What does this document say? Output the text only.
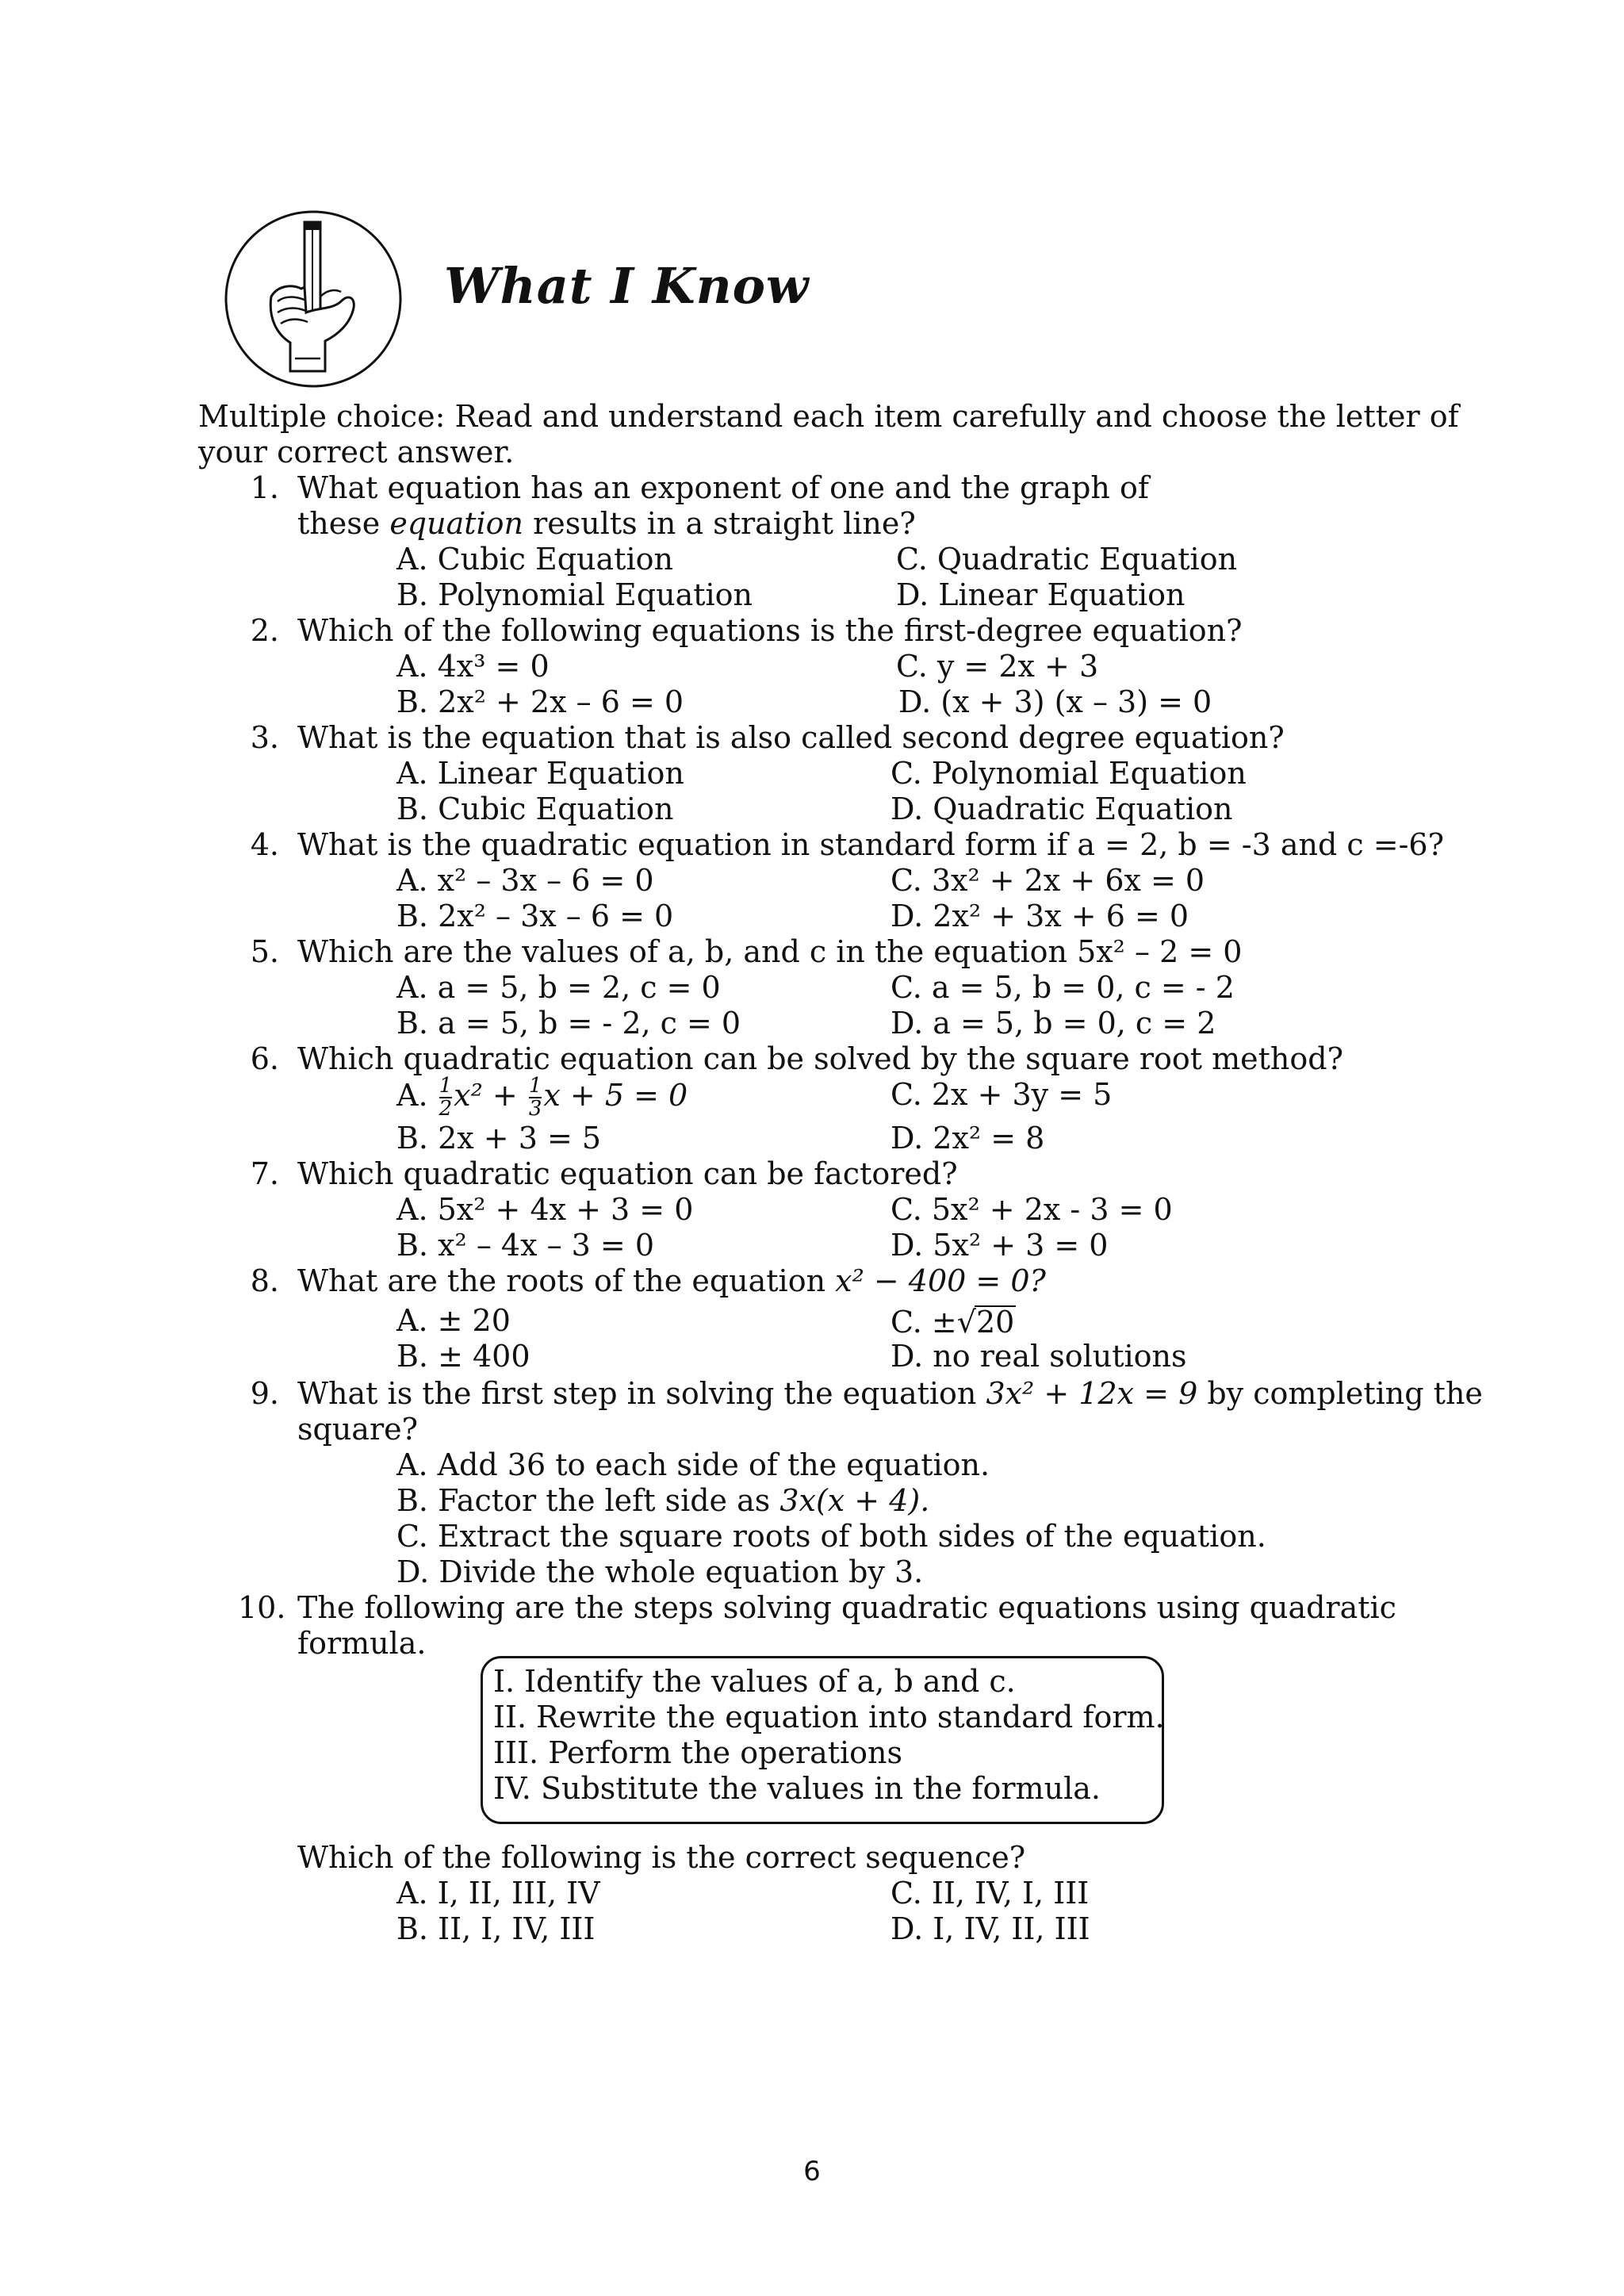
What I Know
Multiple choice: Read and understand each item carefully and choose the letter of
your correct answer.
1. What equation has an exponent of one and the graph of
these equation results in a straight line?
A. Cubic Equation	C. Quadratic Equation
B. Polynomial Equation	D. Linear Equation
2. Which of the following equations is the first-degree equation?
A. 4x³ = 0	C. y = 2x + 3
B. 2x² + 2x – 6 = 0	D. (x + 3) (x – 3) = 0
3. What is the equation that is also called second degree equation?
A. Linear Equation	C. Polynomial Equation
B. Cubic Equation	D. Quadratic Equation
4. What is the quadratic equation in standard form if a = 2, b = -3 and c =-6?
A. x² – 3x – 6 = 0	C. 3x² + 2x + 6x = 0
B. 2x² – 3x – 6 = 0	D. 2x² + 3x + 6 = 0
5. Which are the values of a, b, and c in the equation 5x² – 2 = 0
A. a = 5, b = 2, c = 0	C. a = 5, b = 0, c = - 2
B. a = 5, b = - 2, c = 0	D. a = 5, b = 0, c = 2
6. Which quadratic equation can be solved by the square root method?
A. $\frac{1}{2} x^2 + \frac{1}{3}$ x + 5 = 0	C. 2x + 3y = 5
B. 2x + 3 = 5	D. 2x² = 8
7. Which quadratic equation can be factored?
A. 5x² + 4x + 3 = 0	C. 5x² + 2x - 3 = 0
B. x² – 4x – 3 = 0	D. 5x² + 3 = 0
8. What are the roots of the equation x² − 400 = 0?
A. ± 20	C. ±√20
B. ± 400	D. no real solutions
9. What is the first step in solving the equation 3x² + 12x = 9 by completing the
square?
A. Add 36 to each side of the equation.
B. Factor the left side as 3x(x + 4).
C. Extract the square roots of both sides of the equation.
D. Divide the whole equation by 3.
10. The following are the steps solving quadratic equations using quadratic
formula.
I. Identify the values of a, b and c.
II. Rewrite the equation into standard form.
III. Perform the operations
IV. Substitute the values in the formula.
Which of the following is the correct sequence?
A. I, II, III, IV	C. II, IV, I, III
B. II, I, IV, III	D. I, IV, II, III
6
